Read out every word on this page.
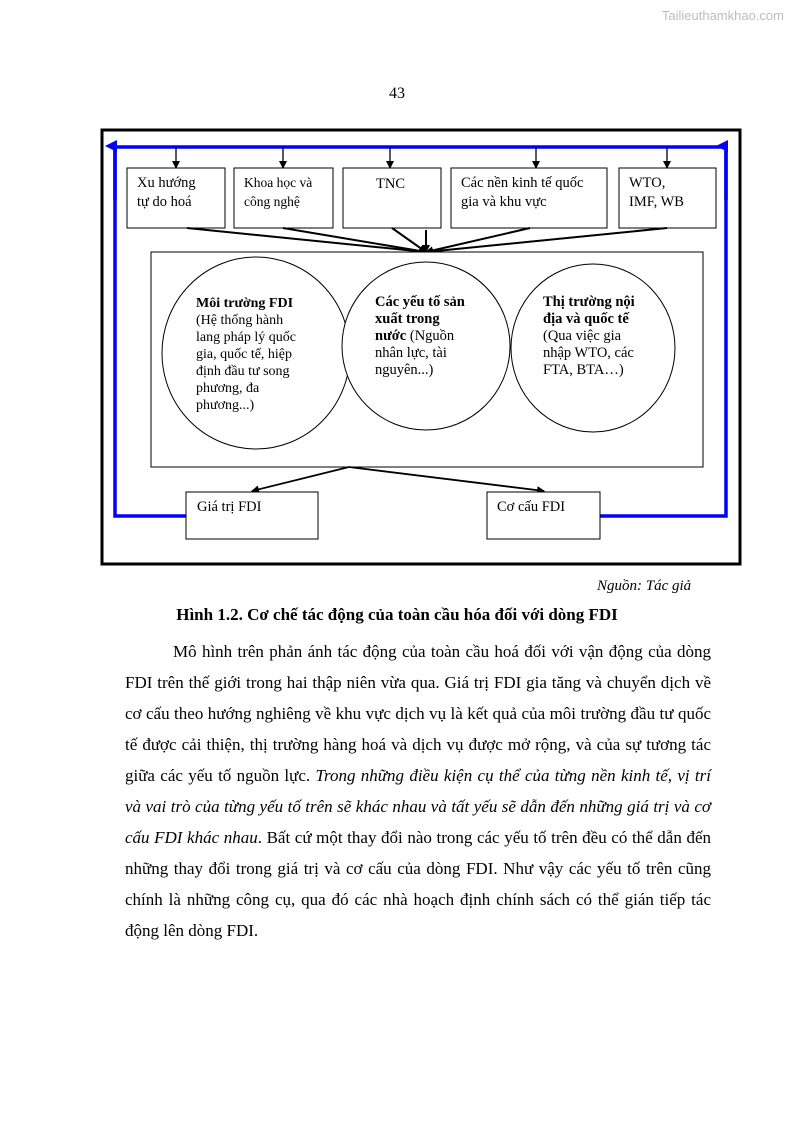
Tailieuthamkhao.com
43
Xu hướng
tự do hoá
Khoa học và
công nghệ
TNC	Các nền kinh tế quốc
gia và khu vực
WTO,
IMF, WB
Môi trường FDI
(Hệ thống hành
lang pháp lý quốc
gia, quốc tế, hiệp
định đầu tư song
phương, đa
phương...)
Các yếu tố sản
xuất trong
nước (Nguồn
nhân lực, tài
nguyên...)
Thị trường nội
địa và quốc tế
(Qua việc gia
nhập WTO, các
FTA, BTA…)
Giá trị FDI	Cơ cấu FDI
Nguồn: Tác giả
Hình 1.2. Cơ chế tác động của toàn cầu hóa đối với dòng FDI

Mô hình trên phản ánh tác động của toàn cầu hoá đối với vận động của dòng FDI trên thế giới trong hai thập niên vừa qua. Giá trị FDI gia tăng và chuyển dịch về cơ cấu theo hướng nghiêng về khu vực dịch vụ là kết quả của môi trường đầu tư quốc tế được cải thiện, thị trường hàng hoá và dịch vụ được mở rộng, và của sự tương tác giữa các yếu tố nguồn lực. Trong những điều kiện cụ thể của từng nền kinh tế, vị trí và vai trò của từng yếu tố trên sẽ khác nhau và tất yếu sẽ dẫn đến những giá trị và cơ cấu FDI khác nhau. Bất cứ một thay đổi nào trong các yếu tố trên đều có thể dẫn đến những thay đổi trong giá trị và cơ cấu của dòng FDI. Như vậy các yếu tố trên cũng chính là những công cụ, qua đó các nhà hoạch định chính sách có thể gián tiếp tác động lên dòng FDI.
